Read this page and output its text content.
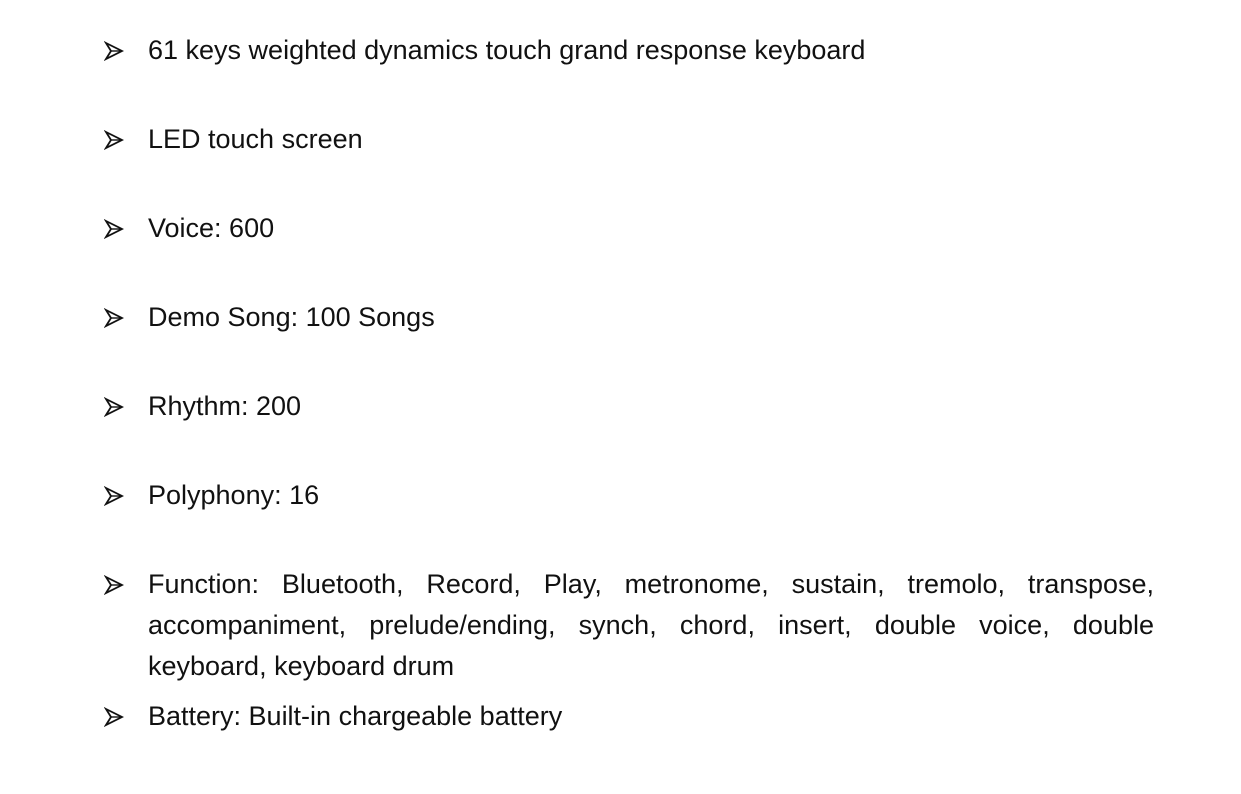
61 keys weighted dynamics touch grand response keyboard
LED touch screen
Voice: 600
Demo Song: 100 Songs
Rhythm: 200
Polyphony: 16
Function: Bluetooth, Record, Play, metronome, sustain, tremolo, transpose, accompaniment, prelude/ending, synch, chord, insert, double voice, double keyboard, keyboard drum
Battery: Built-in chargeable battery
